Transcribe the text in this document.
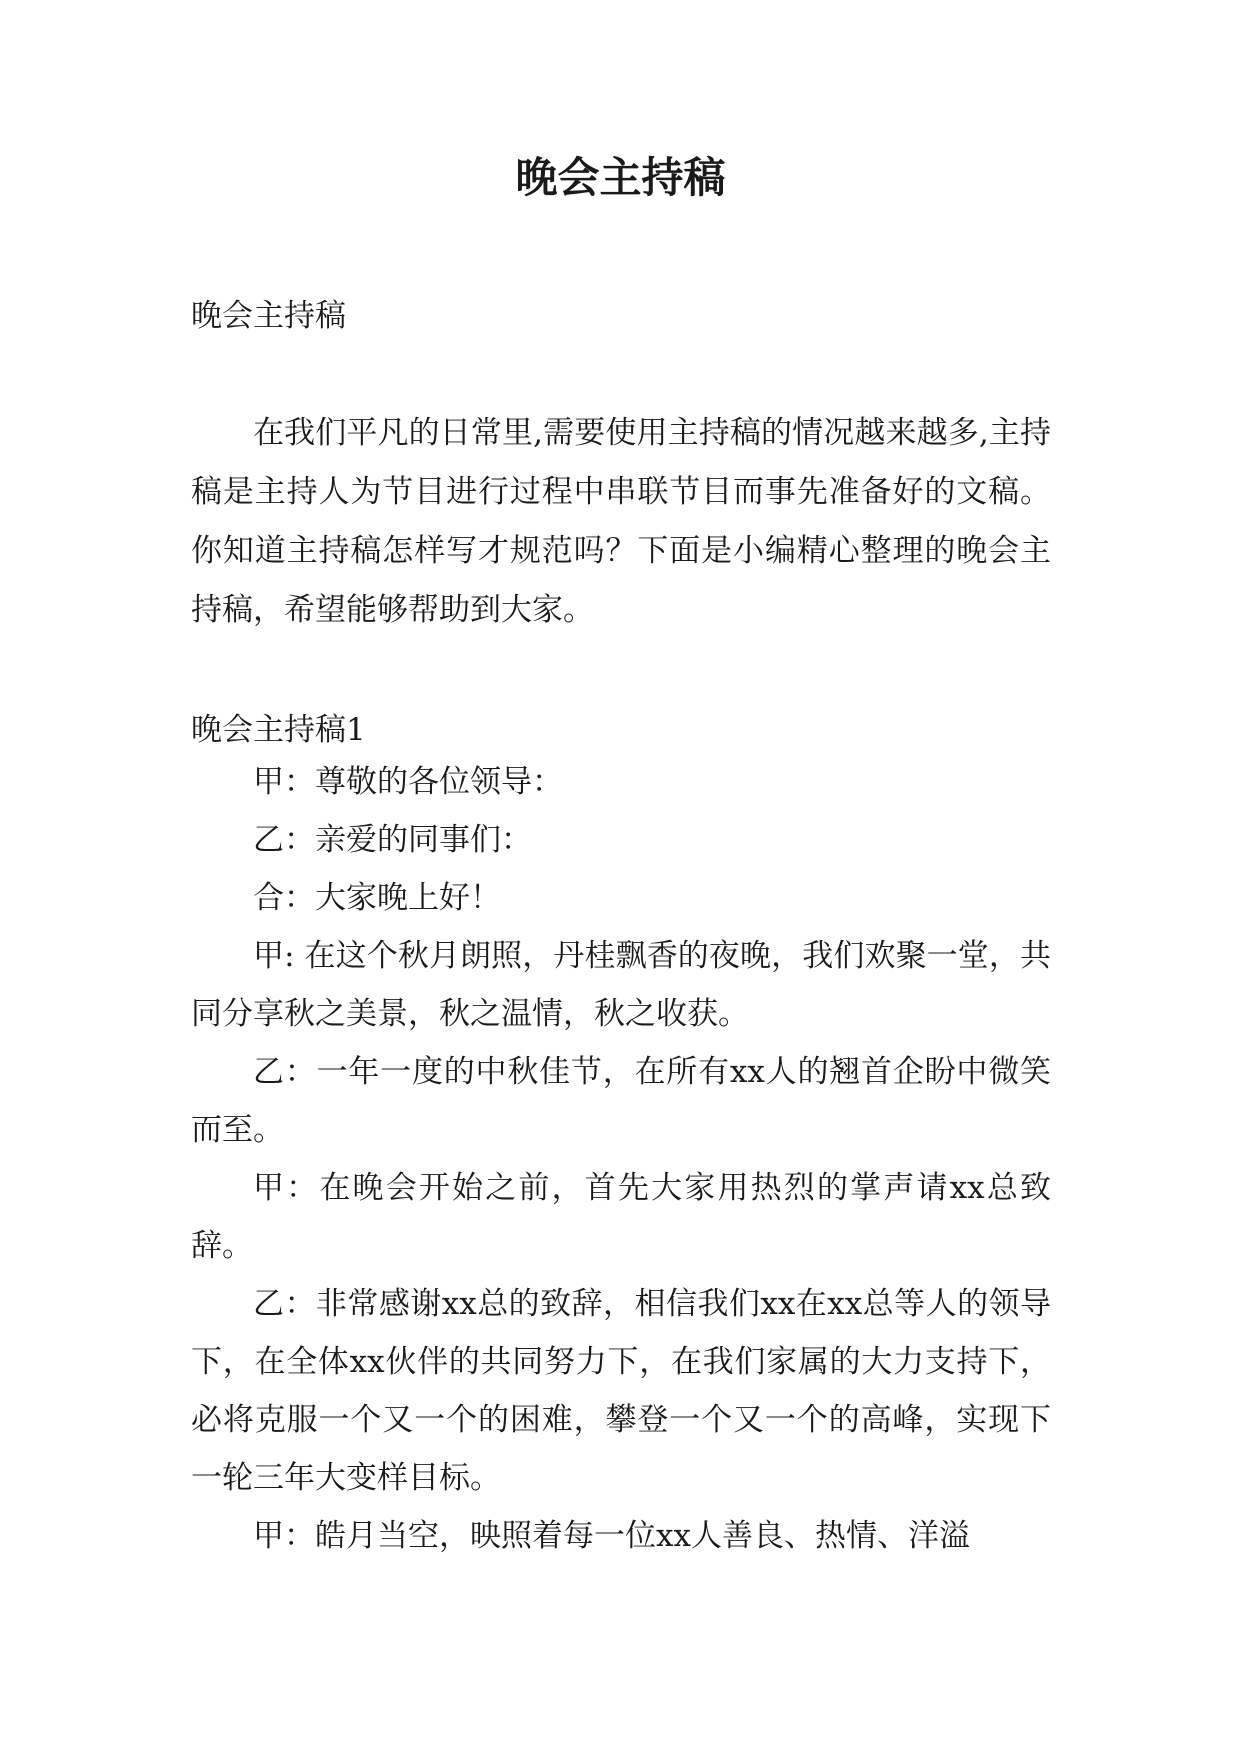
晚会主持稿

晚会主持稿

在我们平凡的日常里,需要使用主持稿的情况越来越多,主持稿是主持人为节目进行过程中串联节目而事先准备好的文稿。你知道主持稿怎样写才规范吗？下面是小编精心整理的晚会主持稿，希望能够帮助到大家。

晚会主持稿1

甲：尊敬的各位领导：

乙：亲爱的同事们：

合：大家晚上好！

甲: 在这个秋月朗照，丹桂飘香的夜晚，我们欢聚一堂，共同分享秋之美景，秋之温情，秋之收获。

乙：一年一度的中秋佳节，在所有xx人的翘首企盼中微笑而至。

甲：在晚会开始之前，首先大家用热烈的掌声请xx总致辞。

乙：非常感谢xx总的致辞，相信我们xx在xx总等人的领导下，在全体xx伙伴的共同努力下，在我们家属的大力支持下，必将克服一个又一个的困难，攀登一个又一个的高峰，实现下一轮三年大变样目标。

甲：皓月当空，映照着每一位xx人善良、热情、洋溢
